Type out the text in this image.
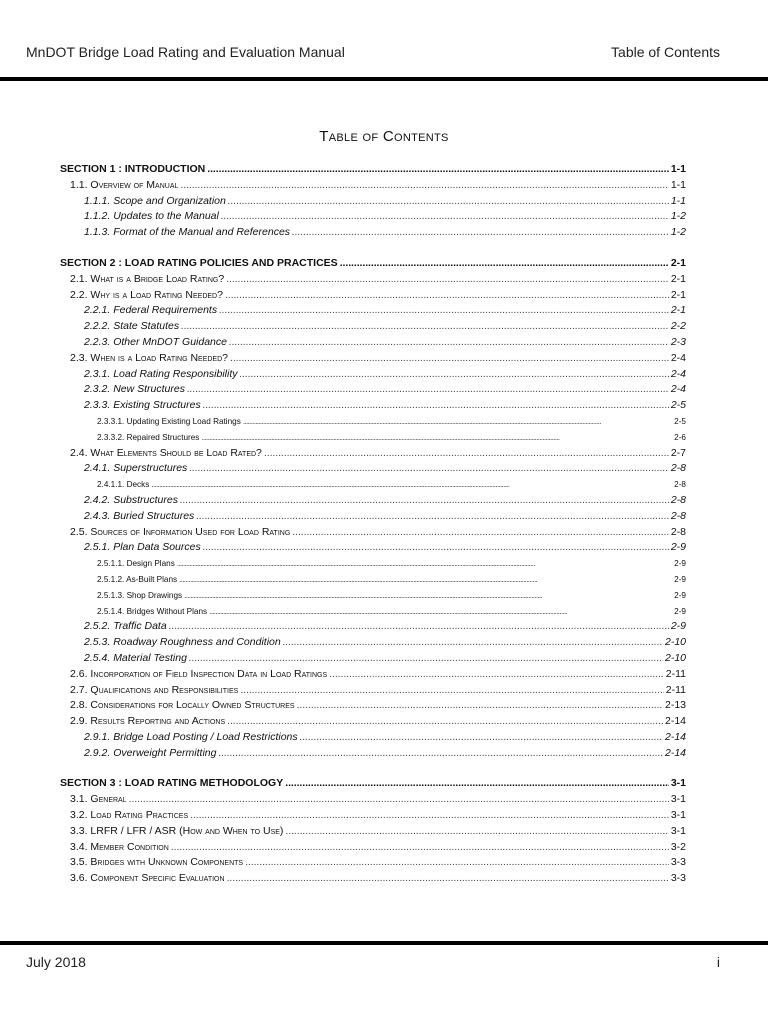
MnDOT Bridge Load Rating and Evaluation Manual	Table of Contents
Table of Contents
SECTION 1 : INTRODUCTION . . .	1-1
1.1. Overview of Manual . . .	1-1
1.1.1. Scope and Organization . . .	1-1
1.1.2. Updates to the Manual . . .	1-2
1.1.3. Format of the Manual and References . . .	1-2
SECTION 2 : LOAD RATING POLICIES AND PRACTICES . . .	2-1
2.1. What is a Bridge Load Rating? . . .	2-1
2.2. Why is a Load Rating Needed? . . .	2-1
2.2.1. Federal Requirements . . .	2-1
2.2.2. State Statutes . . .	2-2
2.2.3. Other MnDOT Guidance . . .	2-3
2.3. When is a Load Rating Needed? . . .	2-4
2.3.1. Load Rating Responsibility . . .	2-4
2.3.2. New Structures . . .	2-4
2.3.3. Existing Structures . . .	2-5
2.3.3.1. Updating Existing Load Ratings . . .	2-5
2.3.3.2. Repaired Structures . . .	2-6
2.4. What Elements Should be Load Rated? . . .	2-7
2.4.1. Superstructures . . .	2-8
2.4.1.1. Decks . . .	2-8
2.4.2. Substructures . . .	2-8
2.4.3. Buried Structures . . .	2-8
2.5. Sources of Information Used for Load Rating . . .	2-8
2.5.1. Plan Data Sources . . .	2-9
2.5.1.1. Design Plans . . .	2-9
2.5.1.2. As-Built Plans . . .	2-9
2.5.1.3. Shop Drawings . . .	2-9
2.5.1.4. Bridges Without Plans . . .	2-9
2.5.2. Traffic Data . . .	2-9
2.5.3. Roadway Roughness and Condition . . .	2-10
2.5.4. Material Testing . . .	2-10
2.6. Incorporation of Field Inspection Data in Load Ratings . . .	2-11
2.7. Qualifications and Responsibilities . . .	2-11
2.8. Considerations for Locally Owned Structures . . .	2-13
2.9. Results Reporting and Actions . . .	2-14
2.9.1. Bridge Load Posting / Load Restrictions . . .	2-14
2.9.2. Overweight Permitting . . .	2-14
SECTION 3 : LOAD RATING METHODOLOGY . . .	3-1
3.1. General . . .	3-1
3.2. Load Rating Practices . . .	3-1
3.3. LRFR / LFR / ASR (How and When to Use) . . .	3-1
3.4. Member Condition . . .	3-2
3.5. Bridges with Unknown Components . . .	3-3
3.6. Component Specific Evaluation . . .	3-3
July 2018	i
